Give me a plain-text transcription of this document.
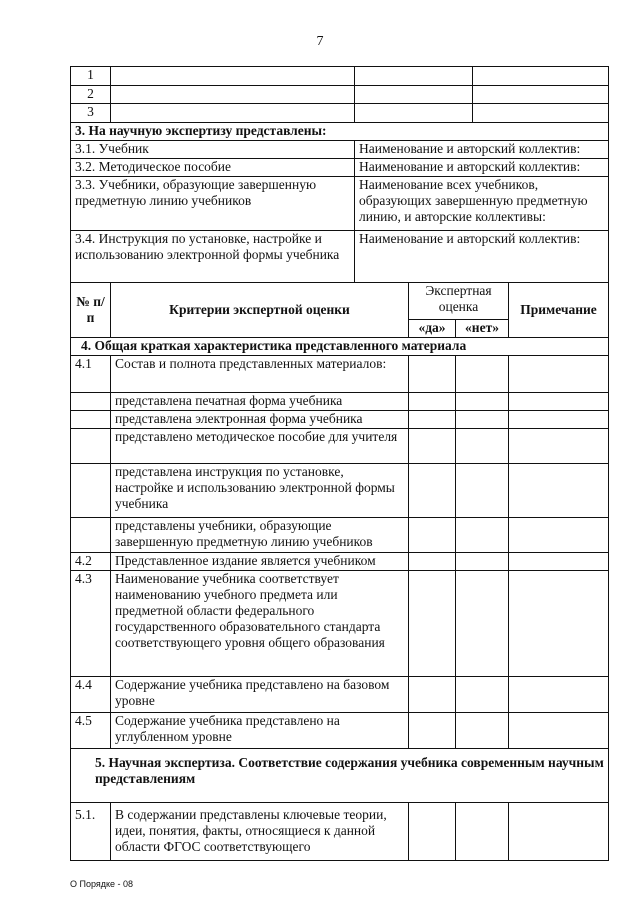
7
1			
2			
3			
3. На научную экспертизу представлены:			
3.1. Учебник		Наименование и авторский коллектив:	
3.2. Методическое пособие		Наименование и авторский коллектив:	
3.3. Учебники, образующие завершенную предметную линию учебников		Наименование всех учебников, образующих завершенную предметную линию, и авторские коллективы:	
3.4. Инструкция по установке, настройке и использованию электронной формы учебника		Наименование и авторский коллектив:	
№ п/п	Критерии экспертной оценки	Экспертная оценка		Примечание
		«да»	«нет»	
4. Общая краткая характеристика представленного материала				
4.1	Состав и полнота представленных материалов:			
	представлена печатная форма учебника			
	представлена электронная форма учебника			
	представлено методическое пособие для учителя			
	представлена инструкция по установке, настройке и использованию электронной формы учебника			
	представлены учебники, образующие завершенную предметную линию учебников			
4.2	Представленное издание является учебником			
4.3	Наименование учебника соответствует наименованию учебного предмета или предметной области федерального государственного образовательного стандарта соответствующего уровня общего образования			
4.4	Содержание учебника представлено на базовом уровне			
4.5	Содержание учебника представлено на углубленном уровне			
5. Научная экспертиза. Соответствие содержания учебника современным научным представлениям				
5.1.	В содержании представлены ключевые теории, идеи, понятия, факты, относящиеся к данной области ФГОС соответствующего			
О Порядке - 08
